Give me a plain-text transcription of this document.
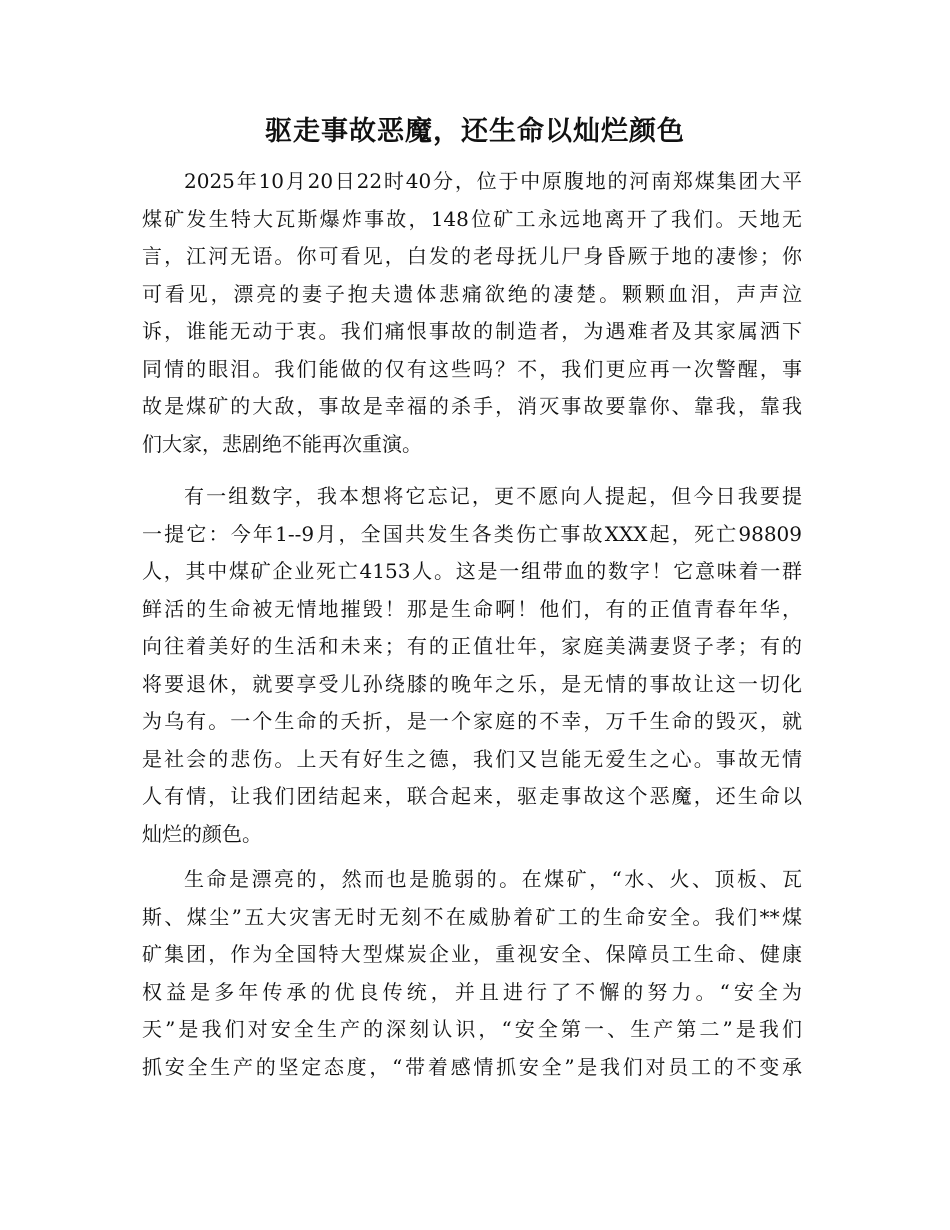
驱走事故恶魔，还生命以灿烂颜色
2025年10月20日22时40分，位于中原腹地的河南郑煤集团大平
煤矿发生特大瓦斯爆炸事故，148位矿工永远地离开了我们。天地无
言，江河无语。你可看见，白发的老母抚儿尸身昏厥于地的凄惨；你
可看见，漂亮的妻子抱夫遗体悲痛欲绝的凄楚。颗颗血泪，声声泣
诉，谁能无动于衷。我们痛恨事故的制造者，为遇难者及其家属洒下
同情的眼泪。我们能做的仅有这些吗？不，我们更应再一次警醒，事
故是煤矿的大敌，事故是幸福的杀手，消灭事故要靠你、靠我，靠我
们大家，悲剧绝不能再次重演。
有一组数字，我本想将它忘记，更不愿向人提起，但今日我要提
一提它：今年1--9月，全国共发生各类伤亡事故XXX起，死亡98809
人，其中煤矿企业死亡4153人。这是一组带血的数字！它意味着一群
鲜活的生命被无情地摧毁！那是生命啊！他们，有的正值青春年华，
向往着美好的生活和未来；有的正值壮年，家庭美满妻贤子孝；有的
将要退休，就要享受儿孙绕膝的晚年之乐，是无情的事故让这一切化
为乌有。一个生命的夭折，是一个家庭的不幸，万千生命的毁灭，就
是社会的悲伤。上天有好生之德，我们又岂能无爱生之心。事故无情
人有情，让我们团结起来，联合起来，驱走事故这个恶魔，还生命以
灿烂的颜色。
生命是漂亮的，然而也是脆弱的。在煤矿，“水、火、顶板、瓦
斯、煤尘”五大灾害无时无刻不在威胁着矿工的生命安全。我们**煤
矿集团，作为全国特大型煤炭企业，重视安全、保障员工生命、健康
权益是多年传承的优良传统，并且进行了不懈的努力。“安全为
天”是我们对安全生产的深刻认识，“安全第一、生产第二”是我们
抓安全生产的坚定态度，“带着感情抓安全”是我们对员工的不变承
